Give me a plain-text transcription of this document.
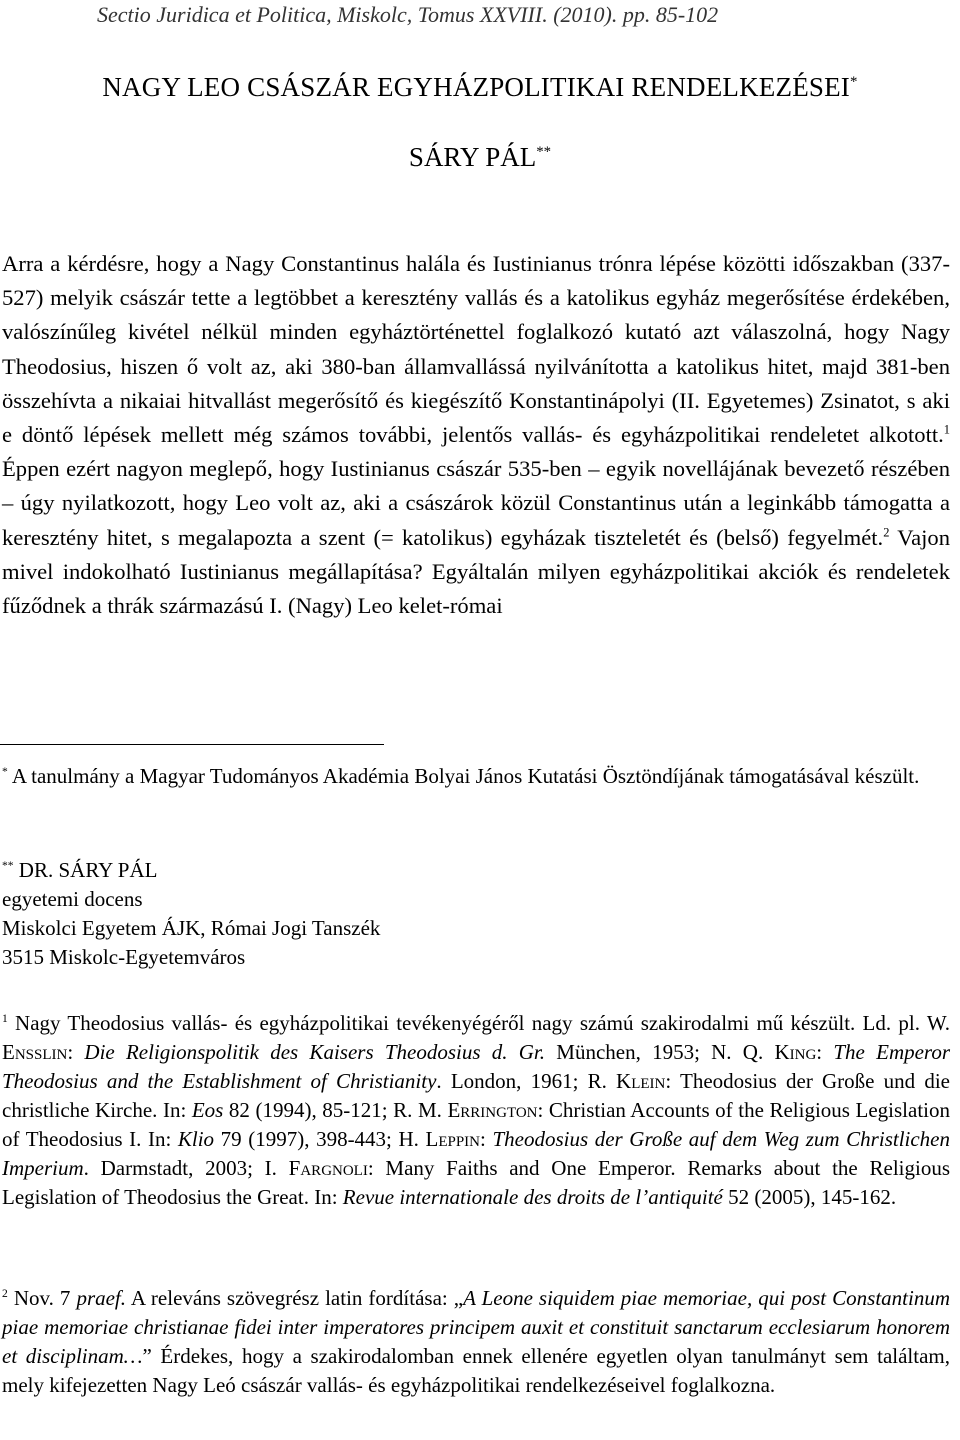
Sectio Juridica et Politica, Miskolc, Tomus XXVIII. (2010). pp. 85-102
NAGY LEO CSÁSZÁR EGYHÁZPOLITIKAI RENDELKEZÉSEI*
SÁRY PÁL**

Arra a kérdésre, hogy a Nagy Constantinus halála és Iustinianus trónra lépése közötti időszakban (337-527) melyik császár tette a legtöbbet a keresztény vallás és a katolikus egyház megerősítése érdekében, valószínűleg kivétel nélkül minden egyháztörténettel foglalkozó kutató azt válaszolná, hogy Nagy Theodosius, hiszen ő volt az, aki 380-ban államvallássá nyilvánította a katolikus hitet, majd 381-ben összehívta a nikaiai hitvallást megerősítő és kiegészítő Konstantinápolyi (II. Egyetemes) Zsinatot, s aki e döntő lépések mellett még számos további, jelentős vallás- és egyházpolitikai rendeletet alkotott.$^1$ Éppen ezért nagyon meglepő, hogy Iustinianus császár 535-ben – egyik novellájának bevezető részében – úgy nyilatkozott, hogy Leo volt az, aki a császárok közül Constantinus után a leginkább támogatta a keresztény hitet, s megalapozta a szent (= katolikus) egyházak tiszteletét és (belső) fegyelmét.$^2$ Vajon mivel indokolható Iustinianus megállapítása? Egyáltalán milyen egyházpolitikai akciók és rendeletek fűződnek a thrák származású I. (Nagy) Leo kelet-római

* A tanulmány a Magyar Tudományos Akadémia Bolyai János Kutatási Ösztöndíjának támogatásával készült.

** DR. SÁRY PÁL
egyetemi docens
Miskolci Egyetem ÁJK, Római Jogi Tanszék
3515 Miskolc-Egyetemváros

$^1$ Nagy Theodosius vallás- és egyházpolitikai tevékenyégéről nagy számú szakirodalmi mű készült. Ld. pl. W. Ensslin: Die Religionspolitik des Kaisers Theodosius d. Gr. München, 1953; N. Q. King: The Emperor Theodosius and the Establishment of Christianity. London, 1961; R. Klein: Theodosius der Große und die christliche Kirche. In: Eos 82 (1994), 85-121; R. M. Errington: Christian Accounts of the Religious Legislation of Theodosius I. In: Klio 79 (1997), 398-443; H. Leppin: Theodosius der Große auf dem Weg zum Christlichen Imperium. Darmstadt, 2003; I. Fargnoli: Many Faiths and One Emperor. Remarks about the Religious Legislation of Theodosius the Great. In: Revue internationale des droits de l’antiquité 52 (2005), 145-162.

$^2$ Nov. 7 praef. A releváns szövegrész latin fordítása: „A Leone siquidem piae memoriae, qui post Constantinum piae memoriae christianae fidei inter imperatores principem auxit et constituit sanctarum ecclesiarum honorem et disciplinam…” Érdekes, hogy a szakirodalomban ennek ellenére egyetlen olyan tanulmányt sem találtam, mely kifejezetten Nagy Leó császár vallás- és egyházpolitikai rendelkezéseivel foglalkozna.
